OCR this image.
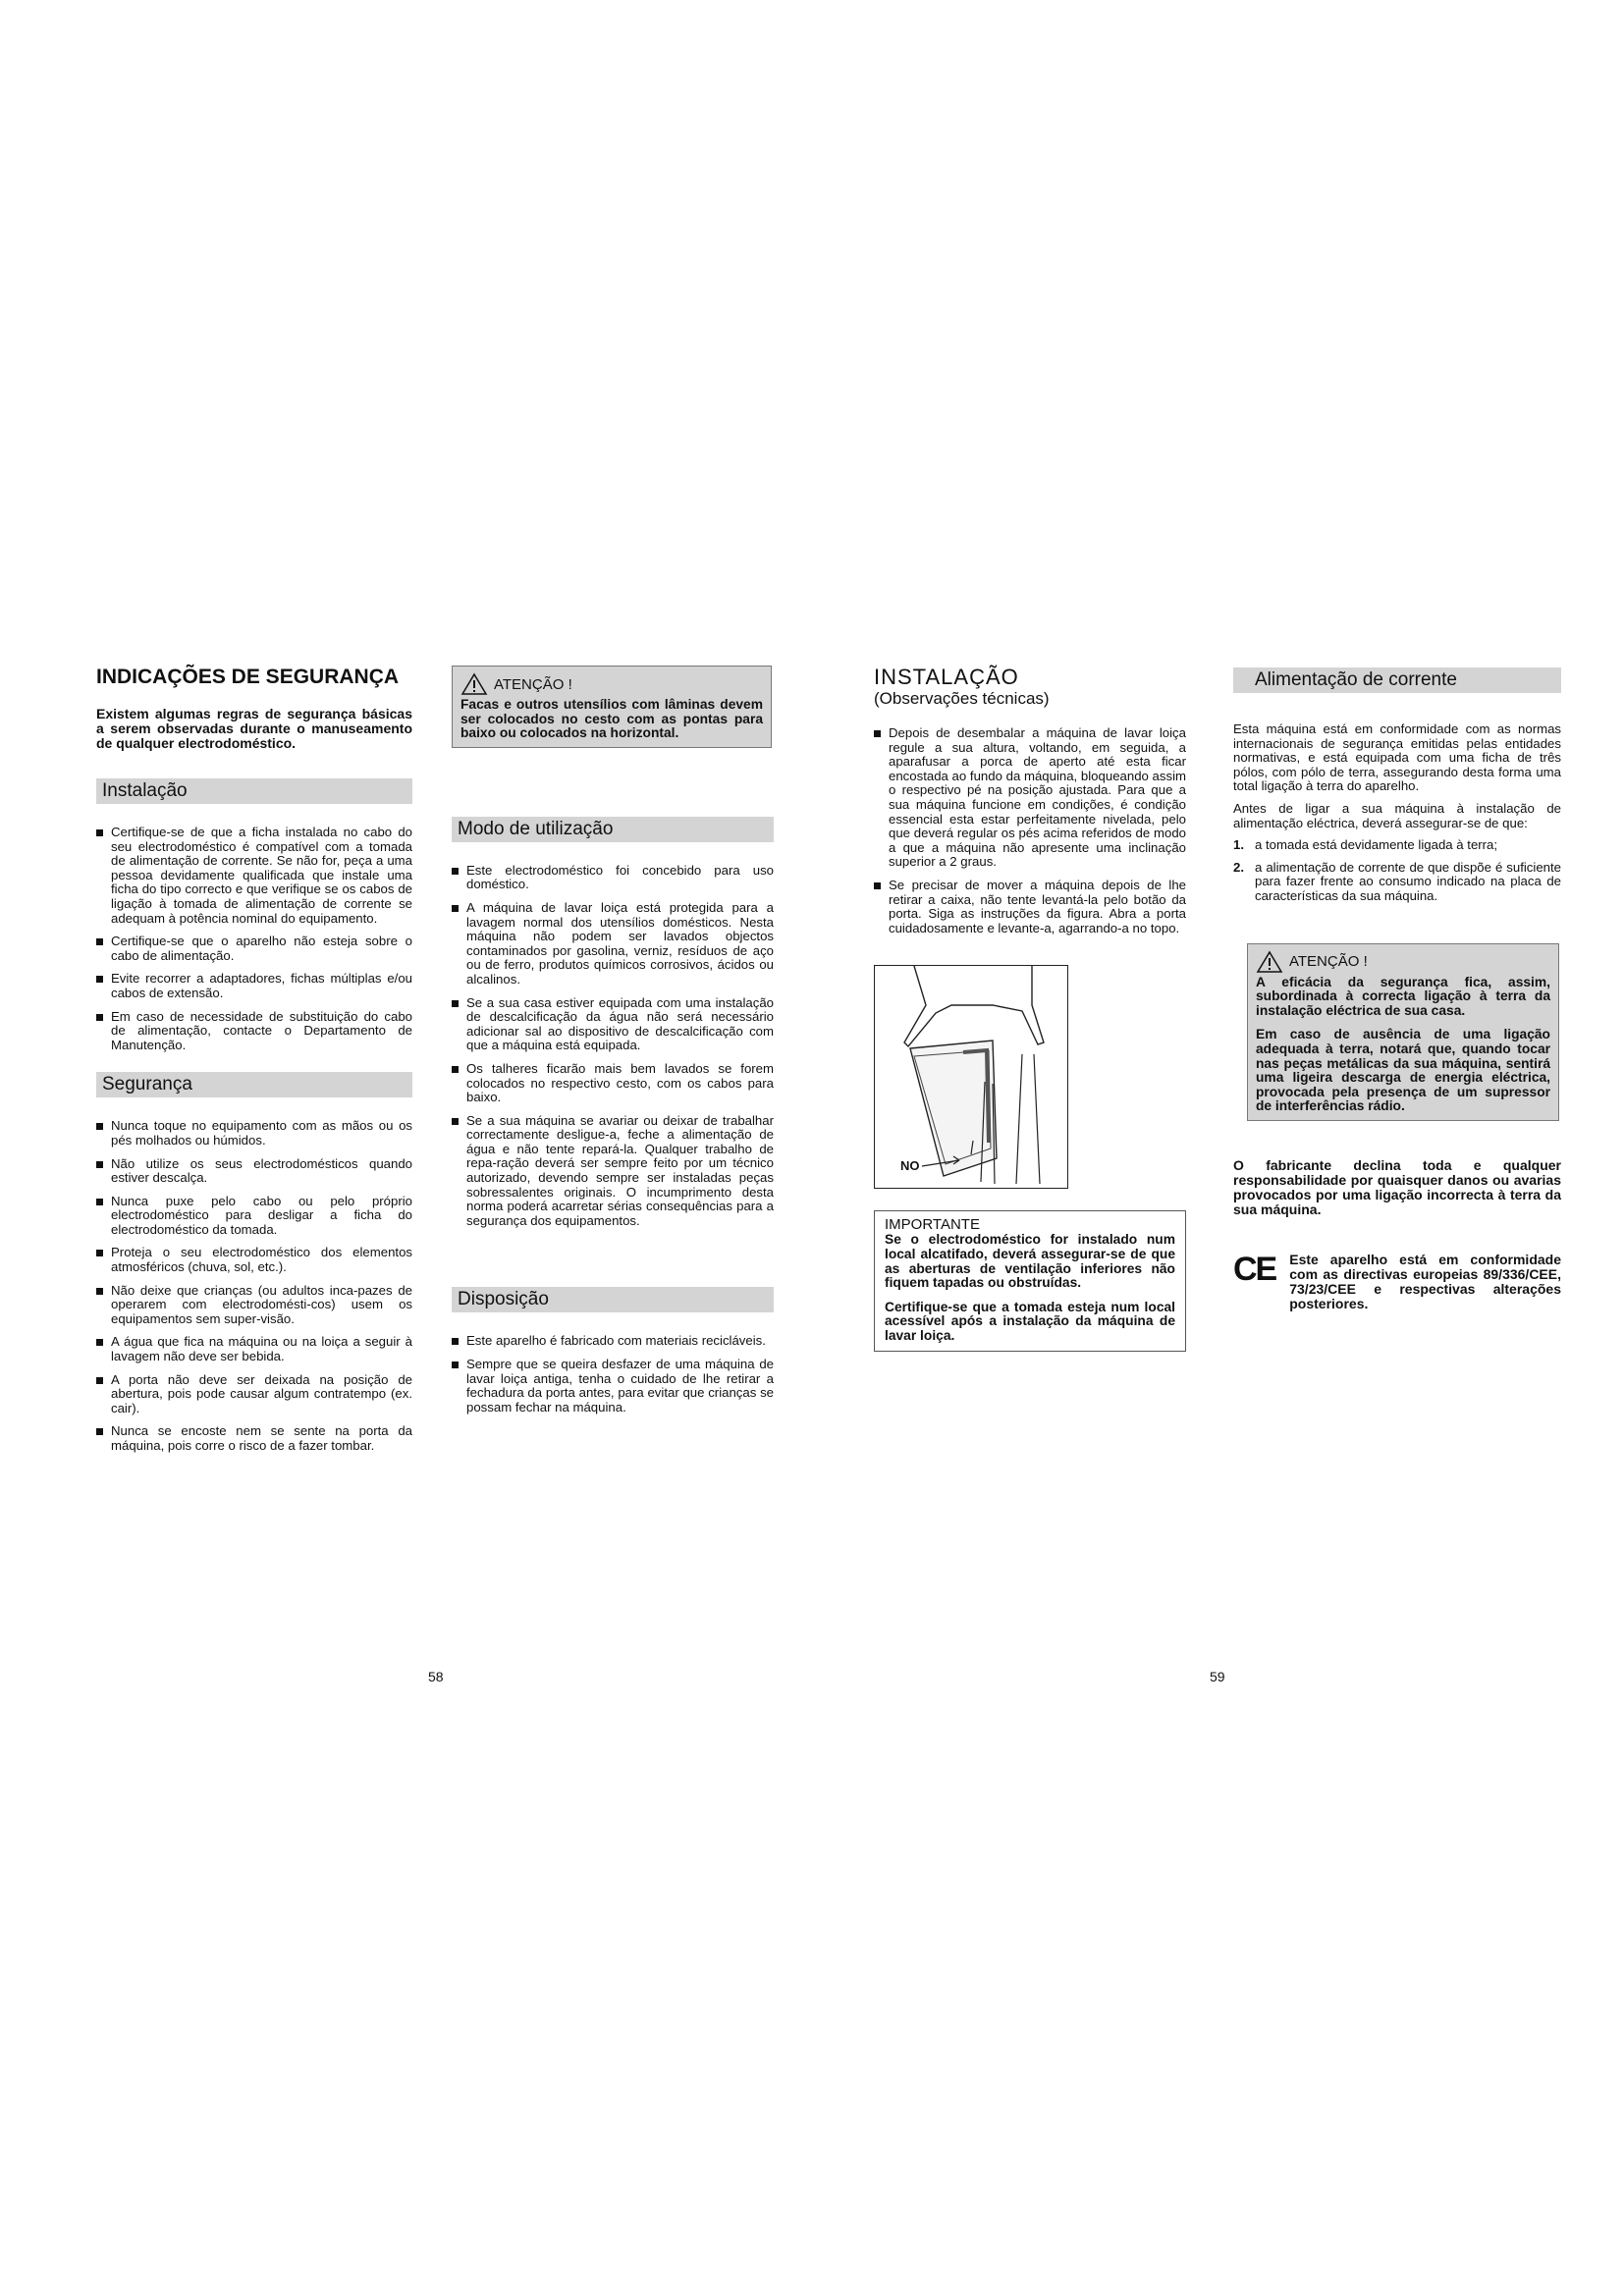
INDICAÇÕES DE SEGURANÇA

Existem algumas regras de segurança básicas a serem observadas durante o manuseamento de qualquer electrodoméstico.

Instalação
Certifique-se de que a ficha instalada no cabo do seu electrodoméstico é compatível com a tomada de alimentação de corrente. Se não for, peça a uma pessoa devidamente qualificada que instale uma ficha do tipo correcto e que verifique se os cabos de ligação à tomada de alimentação de corrente se adequam à potência nominal do equipamento.
Certifique-se que o aparelho não esteja sobre o cabo de alimentação.
Evite recorrer a adaptadores, fichas múltiplas e/ou cabos de extensão.
Em caso de necessidade de substituição do cabo de alimentação, contacte o Departamento de Manutenção.
Segurança
Nunca toque no equipamento com as mãos ou os pés molhados ou húmidos.
Não utilize os seus electrodomésticos quando estiver descalça.
Nunca puxe pelo cabo ou pelo próprio electrodoméstico para desligar a ficha do electrodoméstico da tomada.
Proteja o seu electrodoméstico dos elementos atmosféricos (chuva, sol, etc.).
Não deixe que crianças (ou adultos inca-pazes de operarem com electrodomésti-cos) usem os equipamentos sem super-visão.
A água que fica na máquina ou na loiça a seguir à lavagem não deve ser bebida.
A porta não deve ser deixada na posição de abertura, pois pode causar algum contratempo (ex. cair).
Nunca se encoste nem se sente na porta da máquina, pois corre o risco de a fazer tombar.
ATENÇÃO !

Facas e outros utensílios com lâminas devem ser colocados no cesto com as pontas para baixo ou colocados na horizontal.

Modo de utilização
Este electrodoméstico foi concebido para uso doméstico.
A máquina de lavar loiça está protegida para a lavagem normal dos utensílios domésticos. Nesta máquina não podem ser lavados objectos contaminados por gasolina, verniz, resíduos de aço ou de ferro, produtos químicos corrosivos, ácidos ou alcalinos.
Se a sua casa estiver equipada com uma instalação de descalcificação da água não será necessário adicionar sal ao dispositivo de descalcificação com que a máquina está equipada.
Os talheres ficarão mais bem lavados se forem colocados no respectivo cesto, com os cabos para baixo.
Se a sua máquina se avariar ou deixar de trabalhar correctamente desligue-a, feche a alimentação de água e não tente repará-la. Qualquer trabalho de repa-ração deverá ser sempre feito por um técnico autorizado, devendo sempre ser instaladas peças sobressalentes originais. O incumprimento desta norma poderá acarretar sérias consequências para a segurança dos equipamentos.
Disposição
Este aparelho é fabricado com materiais recicláveis.
Sempre que se queira desfazer de uma máquina de lavar loiça antiga, tenha o cuidado de lhe retirar a fechadura da porta antes, para evitar que crianças se possam fechar na máquina.
58
INSTALAÇÃO

(Observações técnicas)

Depois de desembalar a máquina de lavar loiça regule a sua altura, voltando, em seguida, a aparafusar a porca de aperto até esta ficar encostada ao fundo da máquina, bloqueando assim o respectivo pé na posição ajustada. Para que a sua máquina funcione em condições, é condição essencial esta estar perfeitamente nivelada, pelo que deverá regular os pés acima referidos de modo a que a máquina não apresente uma inclinação superior a 2 graus.
Se precisar de mover a máquina depois de lhe retirar a caixa, não tente levantá-la pelo botão da porta. Siga as instruções da figura. Abra a porta cuidadosamente e levante-a, agarrando-a no topo.
NO

IMPORTANTE

Se o electrodoméstico for instalado num local alcatifado, deverá assegurar-se de que as aberturas de ventilação inferiores não fiquem tapadas ou obstruídas.

Certifique-se que a tomada esteja num local acessível após a instalação da máquina de lavar loiça.

Alimentação de corrente

Esta máquina está em conformidade com as normas internacionais de segurança emitidas pelas entidades normativas, e está equipada com uma ficha de três pólos, com pólo de terra, assegurando desta forma uma total ligação à terra do aparelho.

Antes de ligar a sua máquina à instalação de alimentação eléctrica, deverá assegurar-se de que:

1. a tomada está devidamente ligada à terra;
2. a alimentação de corrente de que dispõe é suficiente para fazer frente ao consumo indicado na placa de características da sua máquina.
ATENÇÃO !

A eficácia da segurança fica, assim, subordinada à correcta ligação à terra da instalação eléctrica de sua casa.

Em caso de ausência de uma ligação adequada à terra, notará que, quando tocar nas peças metálicas da sua máquina, sentirá uma ligeira descarga de energia eléctrica, provocada pela presença de um supressor de interferências rádio.

O fabricante declina toda e qualquer responsabilidade por quaisquer danos ou avarias provocados por uma ligação incorrecta à terra da sua máquina.

CE Este aparelho está em conformidade com as directivas europeias 89/336/CEE, 73/23/CEE e respectivas alterações posteriores.

59
